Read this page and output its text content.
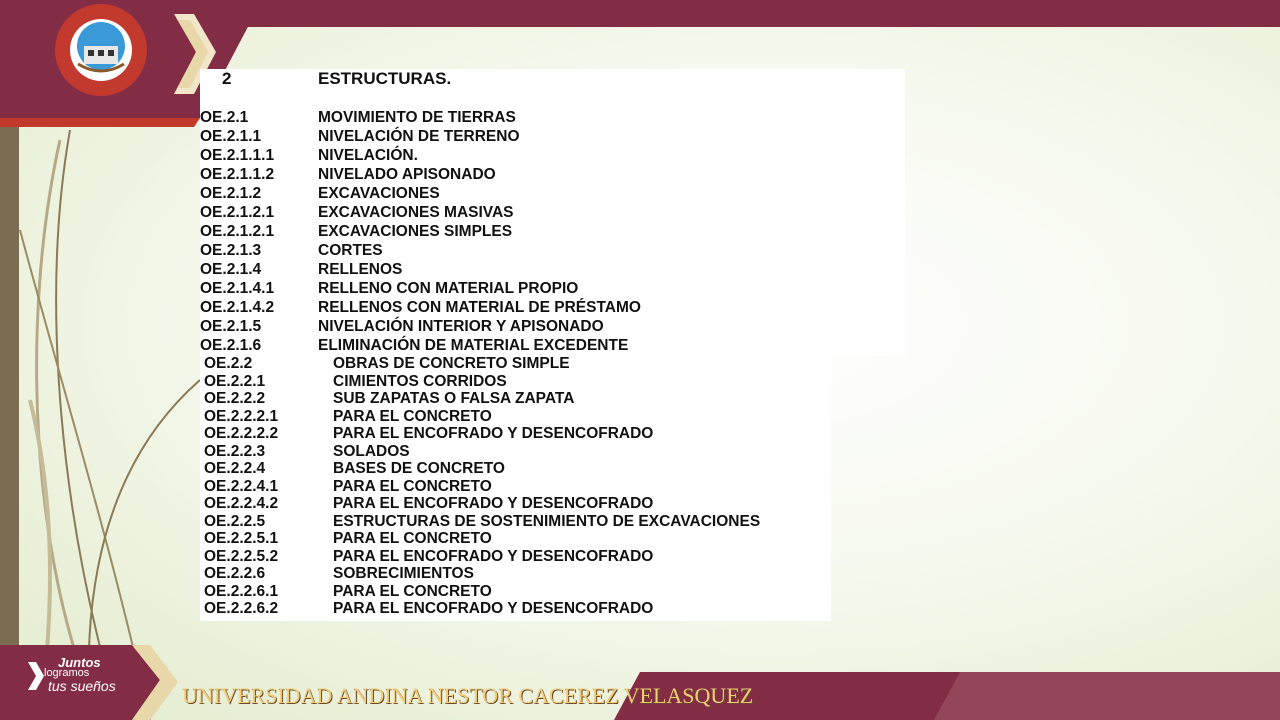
Juntos
logramos
tus sueños	UNIVERSIDAD ANDINA NESTOR CACEREZ VELASQUEZ
2	ESTRUCTURAS.
OE.2.1	MOVIMIENTO DE TIERRAS
OE.2.1.1	NIVELACIÓN DE TERRENO
OE.2.1.1.1	NIVELACIÓN.
OE.2.1.1.2	NIVELADO APISONADO
OE.2.1.2	EXCAVACIONES
OE.2.1.2.1	EXCAVACIONES MASIVAS
OE.2.1.2.1	EXCAVACIONES SIMPLES
OE.2.1.3	CORTES
OE.2.1.4	RELLENOS
OE.2.1.4.1	RELLENO CON MATERIAL PROPIO
OE.2.1.4.2	RELLENOS CON MATERIAL DE PRÉSTAMO
OE.2.1.5	NIVELACIÓN INTERIOR Y APISONADO
OE.2.1.6	ELIMINACIÓN DE MATERIAL EXCEDENTE
OE.2.2	OBRAS DE CONCRETO SIMPLE
OE.2.2.1	CIMIENTOS CORRIDOS
OE.2.2.2	SUB ZAPATAS O FALSA ZAPATA
OE.2.2.2.1	PARA EL CONCRETO
OE.2.2.2.2	PARA EL ENCOFRADO Y DESENCOFRADO
OE.2.2.3	SOLADOS
OE.2.2.4	BASES DE CONCRETO
OE.2.2.4.1	PARA EL CONCRETO
OE.2.2.4.2	PARA EL ENCOFRADO Y DESENCOFRADO
OE.2.2.5	ESTRUCTURAS DE SOSTENIMIENTO DE EXCAVACIONES
OE.2.2.5.1	PARA EL CONCRETO
OE.2.2.5.2	PARA EL ENCOFRADO Y DESENCOFRADO
OE.2.2.6	SOBRECIMIENTOS
OE.2.2.6.1	PARA EL CONCRETO
OE.2.2.6.2	PARA EL ENCOFRADO Y DESENCOFRADO
